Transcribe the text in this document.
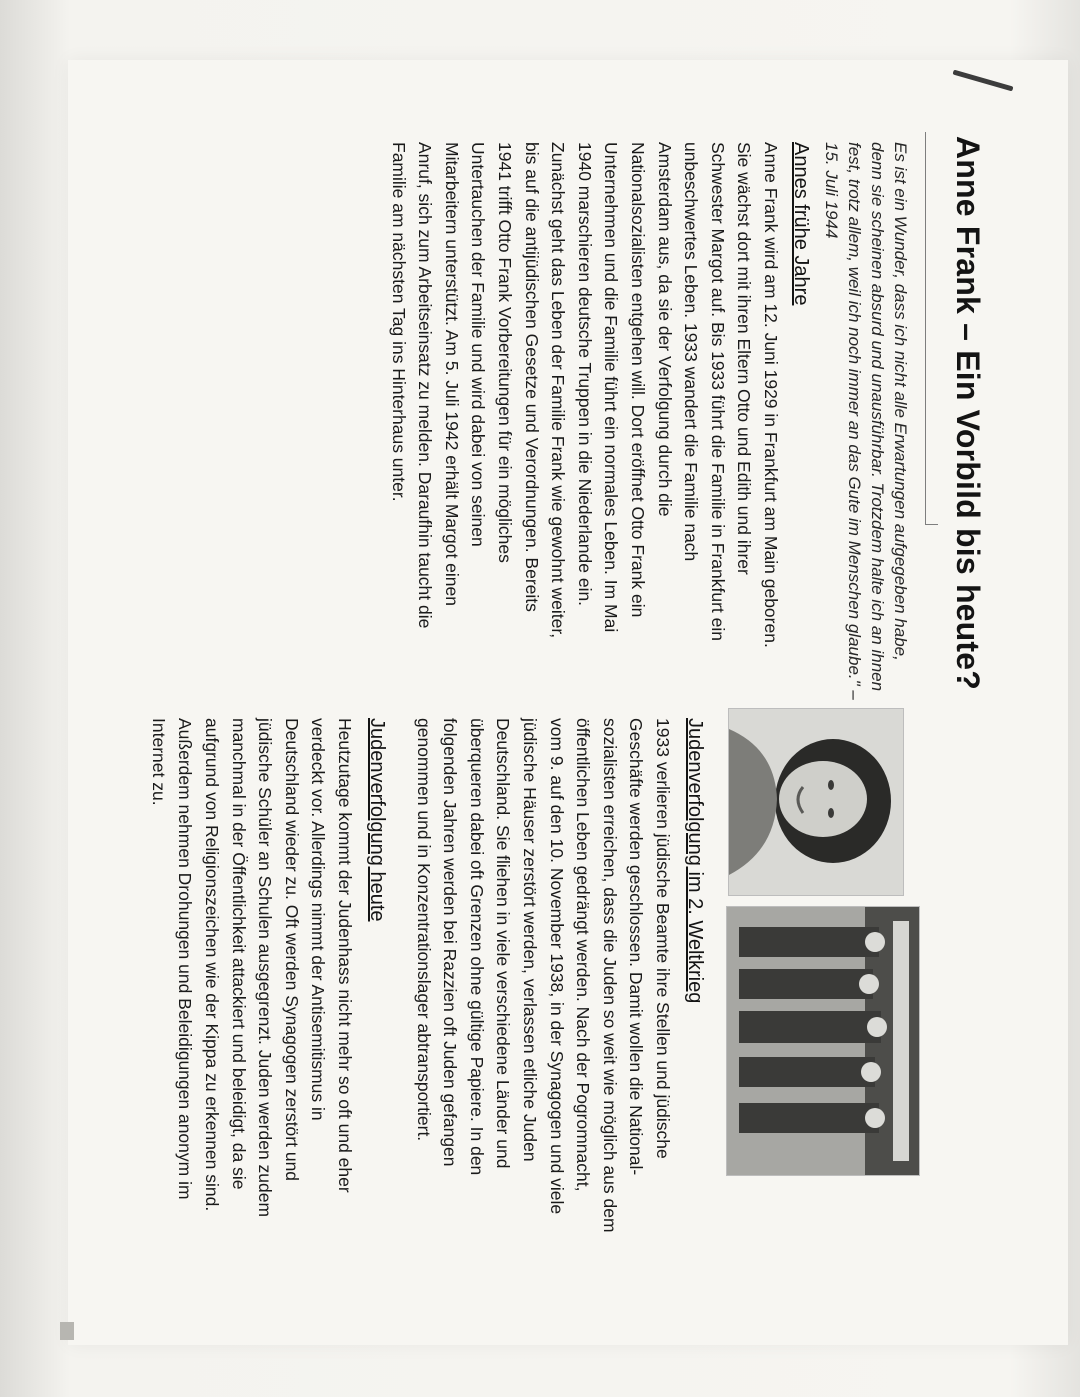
Anne Frank – Ein Vorbild bis heute?
Es ist ein Wunder, dass ich nicht alle Erwartungen aufgegeben habe, denn sie scheinen absurd und unausführbar. Trotzdem halte ich an ihnen fest, trotz allem, weil ich noch immer an das Gute im Menschen glaube." – 15. Juli 1944
Annes frühe Jahre
Anne Frank wird am 12. Juni 1929 in Frankfurt am Main geboren.
Sie wächst dort mit ihren Eltern Otto und Edith und ihrer
Schwester Margot auf. Bis 1933 führt die Familie in Frankfurt ein
unbeschwertes Leben. 1933 wandert die Familie nach
Amsterdam aus, da sie der Verfolgung durch die
Nationalsozialisten entgehen will. Dort eröffnet Otto Frank ein
Unternehmen und die Familie führt ein normales Leben. Im Mai
1940 marschieren deutsche Truppen in die Niederlande ein.
Zunächst geht das Leben der Familie Frank wie gewohnt weiter,
bis auf die antijüdischen Gesetze und Verordnungen. Bereits
1941 trifft Otto Frank Vorbereitungen für ein mögliches
Untertauchen der Familie und wird dabei von seinen
Mitarbeitern unterstützt. Am 5. Juli 1942 erhält Margot einen
Anruf, sich zum Arbeitseinsatz zu melden. Daraufhin taucht die
Familie am nächsten Tag ins Hinterhaus unter.
Judenverfolgung im 2. Weltkrieg
1933 verlieren jüdische Beamte ihre Stellen und jüdische
Geschäfte werden geschlossen. Damit wollen die National-
sozialisten erreichen, dass die Juden so weit wie möglich aus dem
öffentlichen Leben gedrängt werden. Nach der Pogromnacht,
vom 9. auf den 10. November 1938, in der Synagogen und viele
jüdische Häuser zerstört werden, verlassen etliche Juden
Deutschland. Sie fliehen in viele verschiedene Länder und
überqueren dabei oft Grenzen ohne gültige Papiere. In den
folgenden Jahren werden bei Razzien oft Juden gefangen
genommen und in Konzentrationslager abtransportiert.
Judenverfolgung heute
Heutzutage kommt der Judenhass nicht mehr so oft und eher
verdeckt vor. Allerdings nimmt der Antisemitismus in
Deutschland wieder zu. Oft werden Synagogen zerstört und
jüdische Schüler an Schulen ausgegrenzt. Juden werden zudem
manchmal in der Öffentlichkeit attackiert und beleidigt, da sie
aufgrund von Religionszeichen wie der Kippa zu erkennen sind.
Außerdem nehmen Drohungen und Beleidigungen anonym im
Internet zu.
